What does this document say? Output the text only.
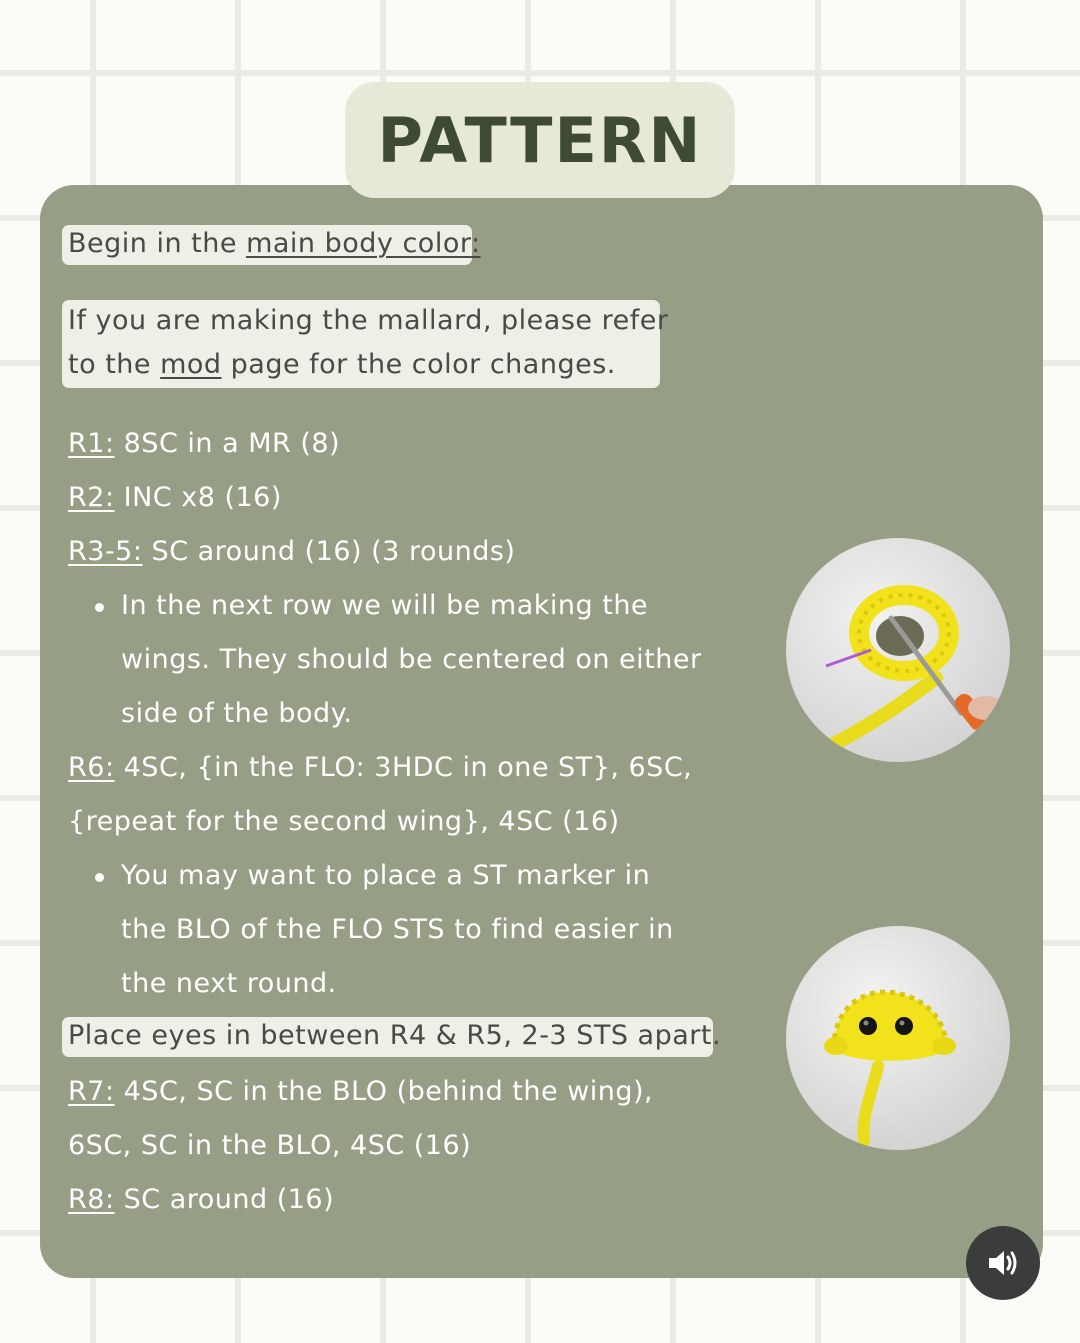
PATTERN
Begin in the main body color:
If you are making the mallard, please refer
to the mod page for the color changes.
R1: 8SC in a MR (8)
R2: INC x8 (16)
R3-5: SC around (16) (3 rounds)
In the next row we will be making the
wings. They should be centered on either
side of the body.
R6: 4SC, {in the FLO: 3HDC in one ST}, 6SC,
{repeat for the second wing}, 4SC (16)
You may want to place a ST marker in
the BLO of the FLO STS to find easier in
the next round.
Place eyes in between R4 & R5, 2-3 STS apart.
R7: 4SC, SC in the BLO (behind the wing),
6SC, SC in the BLO, 4SC (16)
R8: SC around (16)
